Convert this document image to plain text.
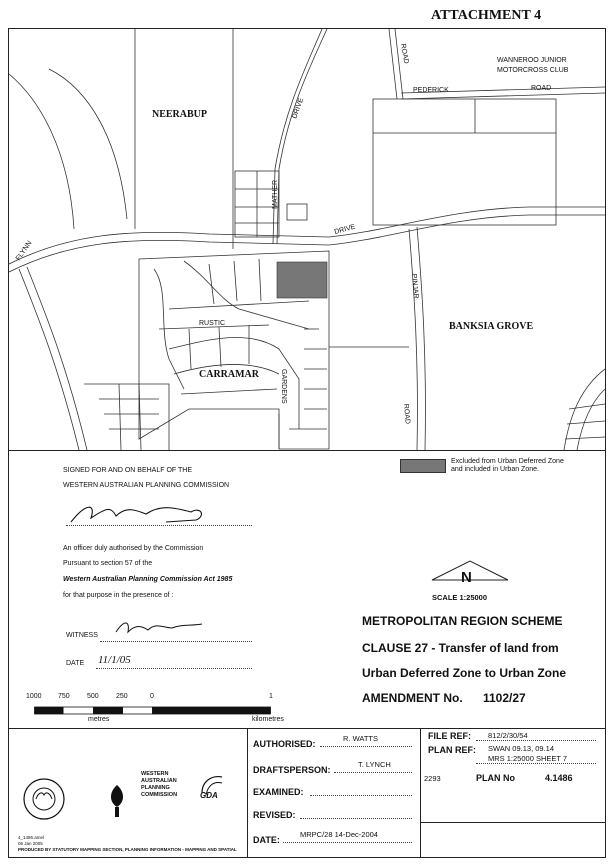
ATTACHMENT 4
NEERABUP
BANKSIA GROVE
CARRAMAR
DRIVE
MATHER
DRIVE
FLYNN
RUSTIC
GARDENS
PINJAR
ROAD
ROAD
PEDERICK	ROAD
WANNEROO JUNIOR
MOTORCROSS CLUB
Excluded from Urban Deferred Zone
and included in Urban Zone.
SIGNED FOR AND ON BEHALF OF THE
WESTERN AUSTRALIAN PLANNING COMMISSION
An officer duly authorised by the Commission
Pursuant to section 57 of the
Western Australian Planning Commission Act 1985
for that purpose in the presence of :
WITNESS
DATE 11/1/05
N
SCALE 1:25000
METROPOLITAN REGION SCHEME
CLAUSE 27 - Transfer of land from
Urban Deferred Zone to Urban Zone
AMENDMENT No. 1102/27
1000 750 500 250	0	1
metres	kilometres
WESTERN
AUSTRALIAN
PLANNING
COMMISSION	GDA
4_1486.amel
06 Jan 2005
PRODUCED BY STATUTORY MAPPING SECTION, PLANNING INFORMATION - MAPPING AND SPATIAL
AUTHORISED:
R. WATTS
DRAFTSPERSON:
T. LYNCH
EXAMINED:
REVISED:
DATE:
MRPC/28 14-Dec-2004
FILE REF: 812/2/30/54
PLAN REF: SWAN 09.13, 09.14
MRS 1:25000 SHEET 7
2293	PLAN No	4.1486
